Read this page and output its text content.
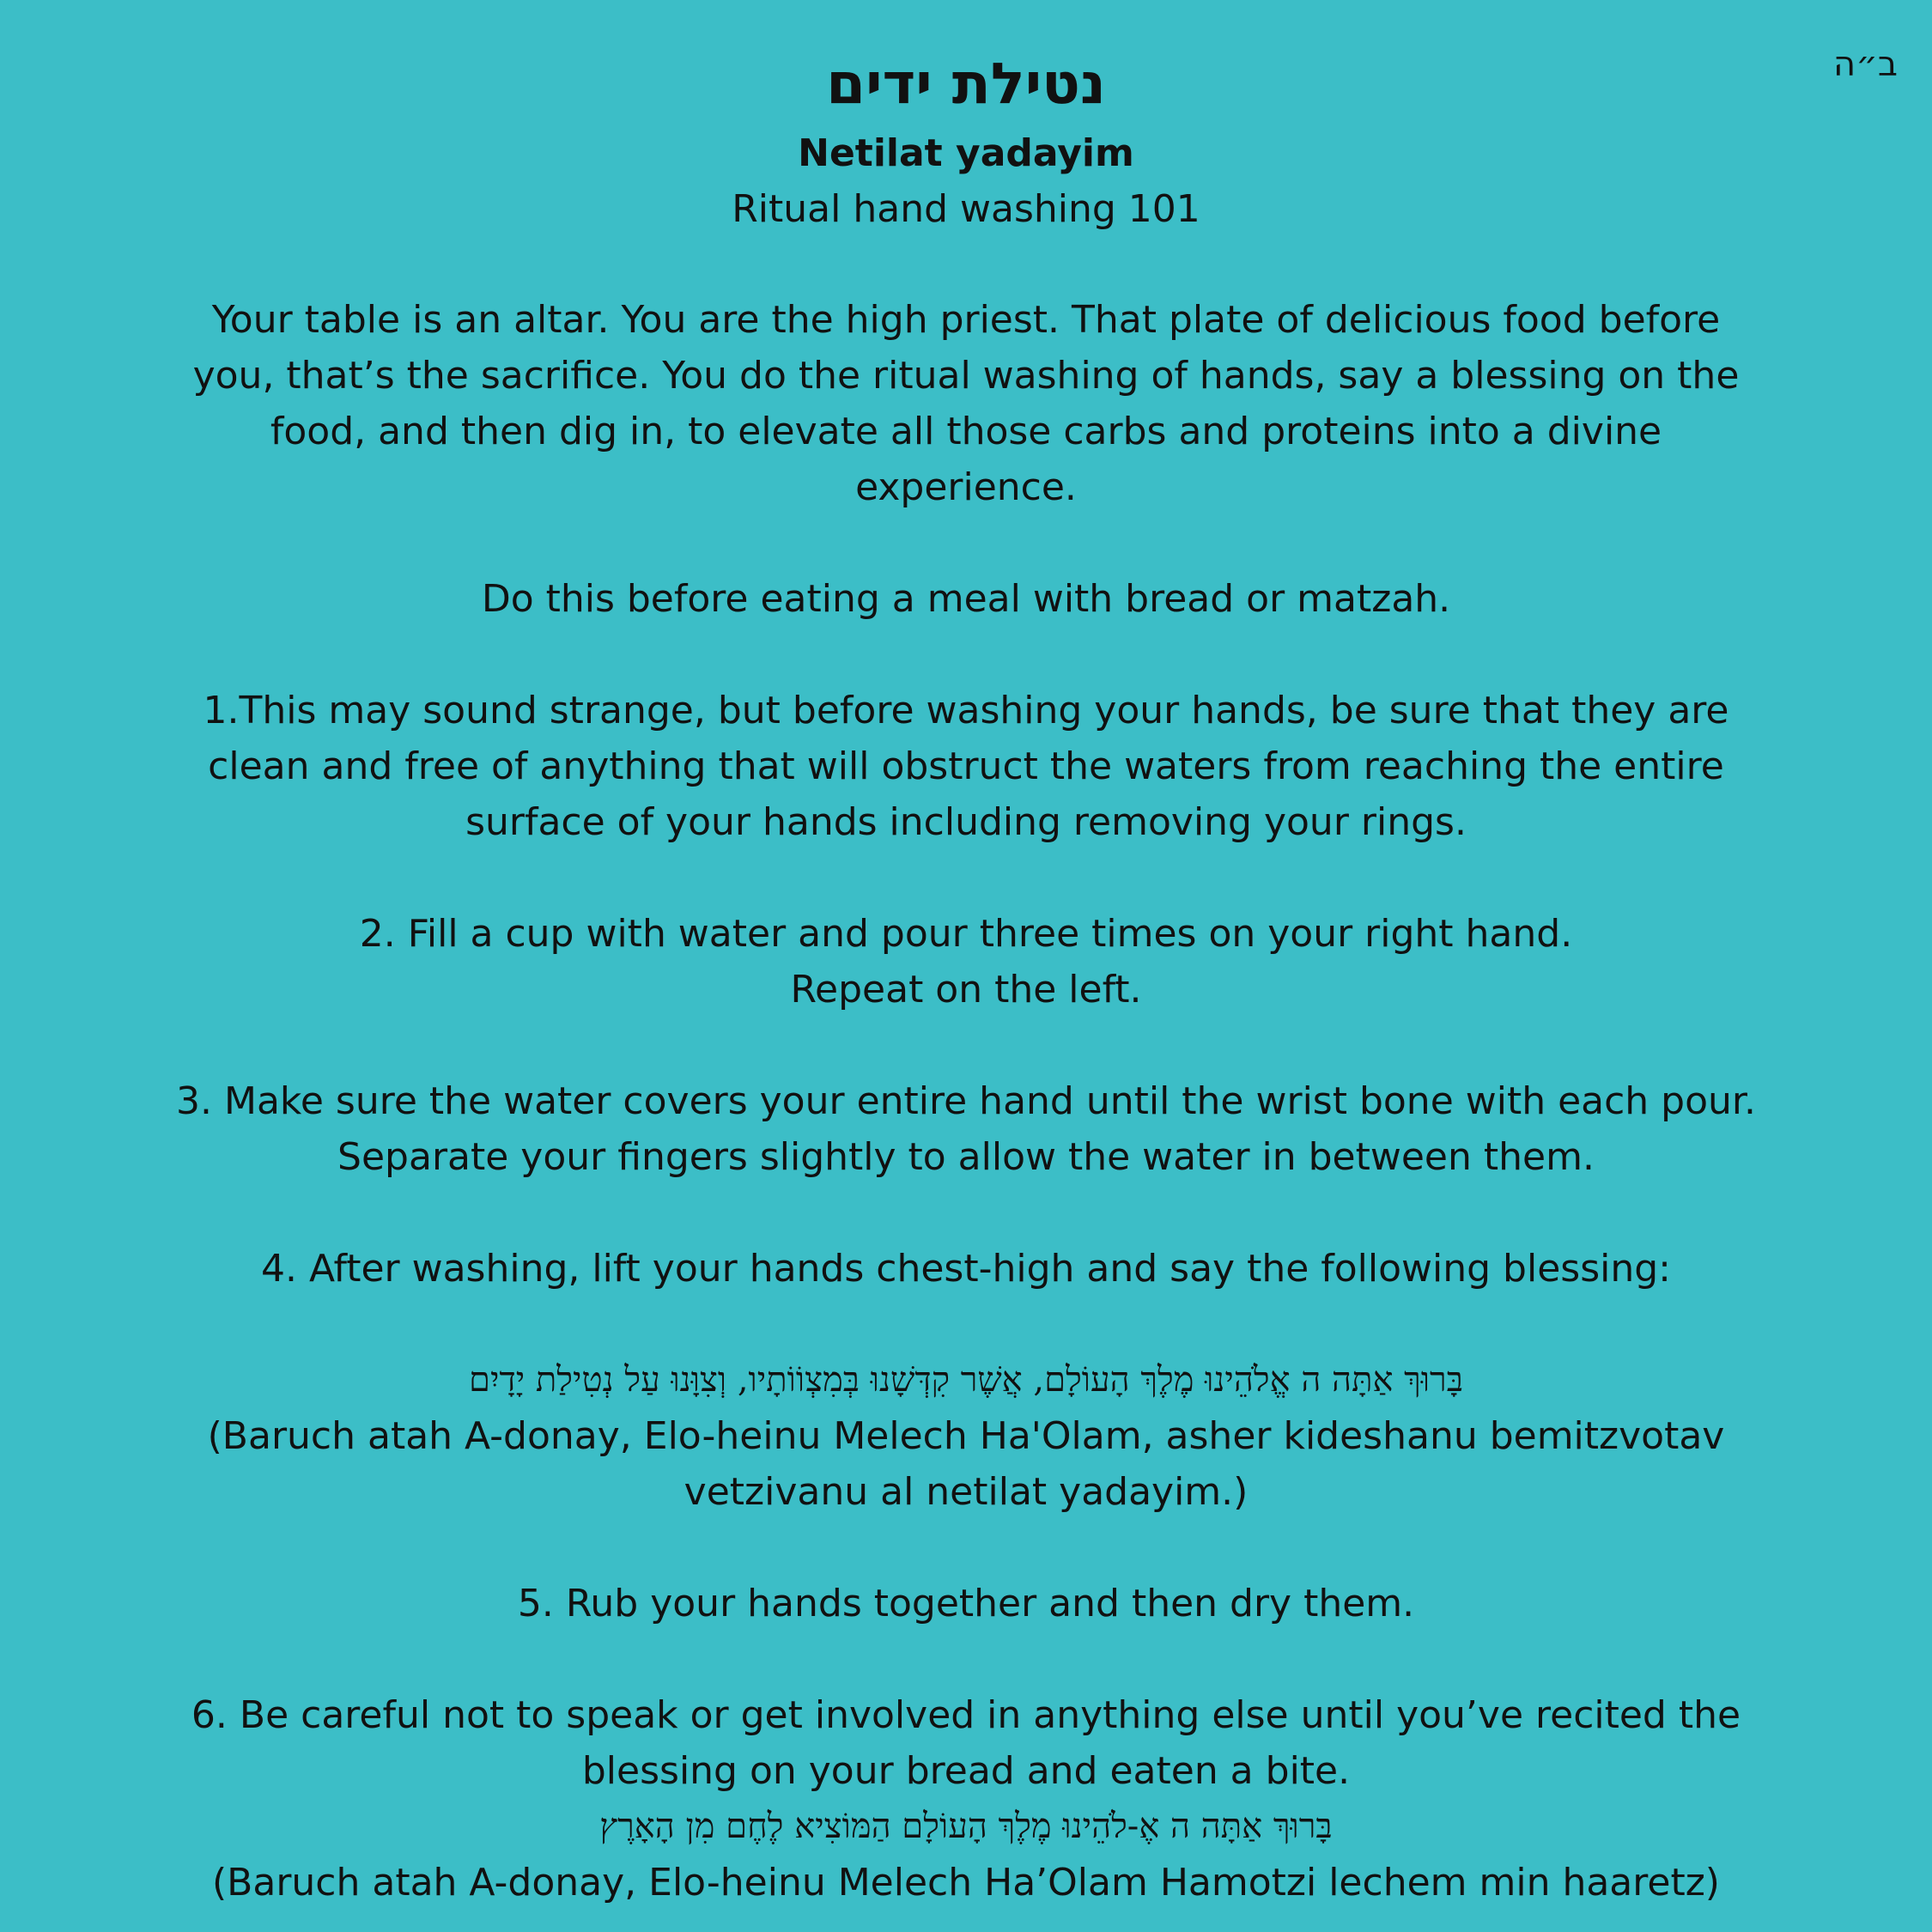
ב״ה
נטילת ידים
Netilat yadayim

Ritual hand washing 101

Your table is an altar. You are the high priest. That plate of delicious food before
you, that’s the sacrifice. You do the ritual washing of hands, say a blessing on the
food, and then dig in, to elevate all those carbs and proteins into a divine
experience.

Do this before eating a meal with bread or matzah.

1.This may sound strange, but before washing your hands, be sure that they are
clean and free of anything that will obstruct the waters from reaching the entire
surface of your hands including removing your rings.

2. Fill a cup with water and pour three times on your right hand.
Repeat on the left.

3. Make sure the water covers your entire hand until the wrist bone with each pour.
Separate your fingers slightly to allow the water in between them.

4. After washing, lift your hands chest-high and say the following blessing:

בָּרוּךְ אַתָּה ה אֱלֹהֵינוּ מֶלֶךְ הָעוֹלָם, אֲשֶׁר קִדְּשָׁנוּ בְּמִצְוֹוֹתָיו, וְצִוָּנוּ עַל נְטִילַת יָדָיִם
(Baruch atah A-donay, Elo-heinu Melech Ha'Olam, asher kideshanu bemitzvotav
vetzivanu al netilat yadayim.)

5. Rub your hands together and then dry them.

6. Be careful not to speak or get involved in anything else until you’ve recited the
blessing on your bread and eaten a bite.
בָּרוּךְ אַתָּה ה אֶ-לֹהֵינוּ מֶלֶךְ הָעוֹלָם הַמּוֹצִיא לֶחֶם מִן הָאָרֶץ
(Baruch atah A-donay, Elo-heinu Melech Ha’Olam Hamotzi lechem min haaretz)
